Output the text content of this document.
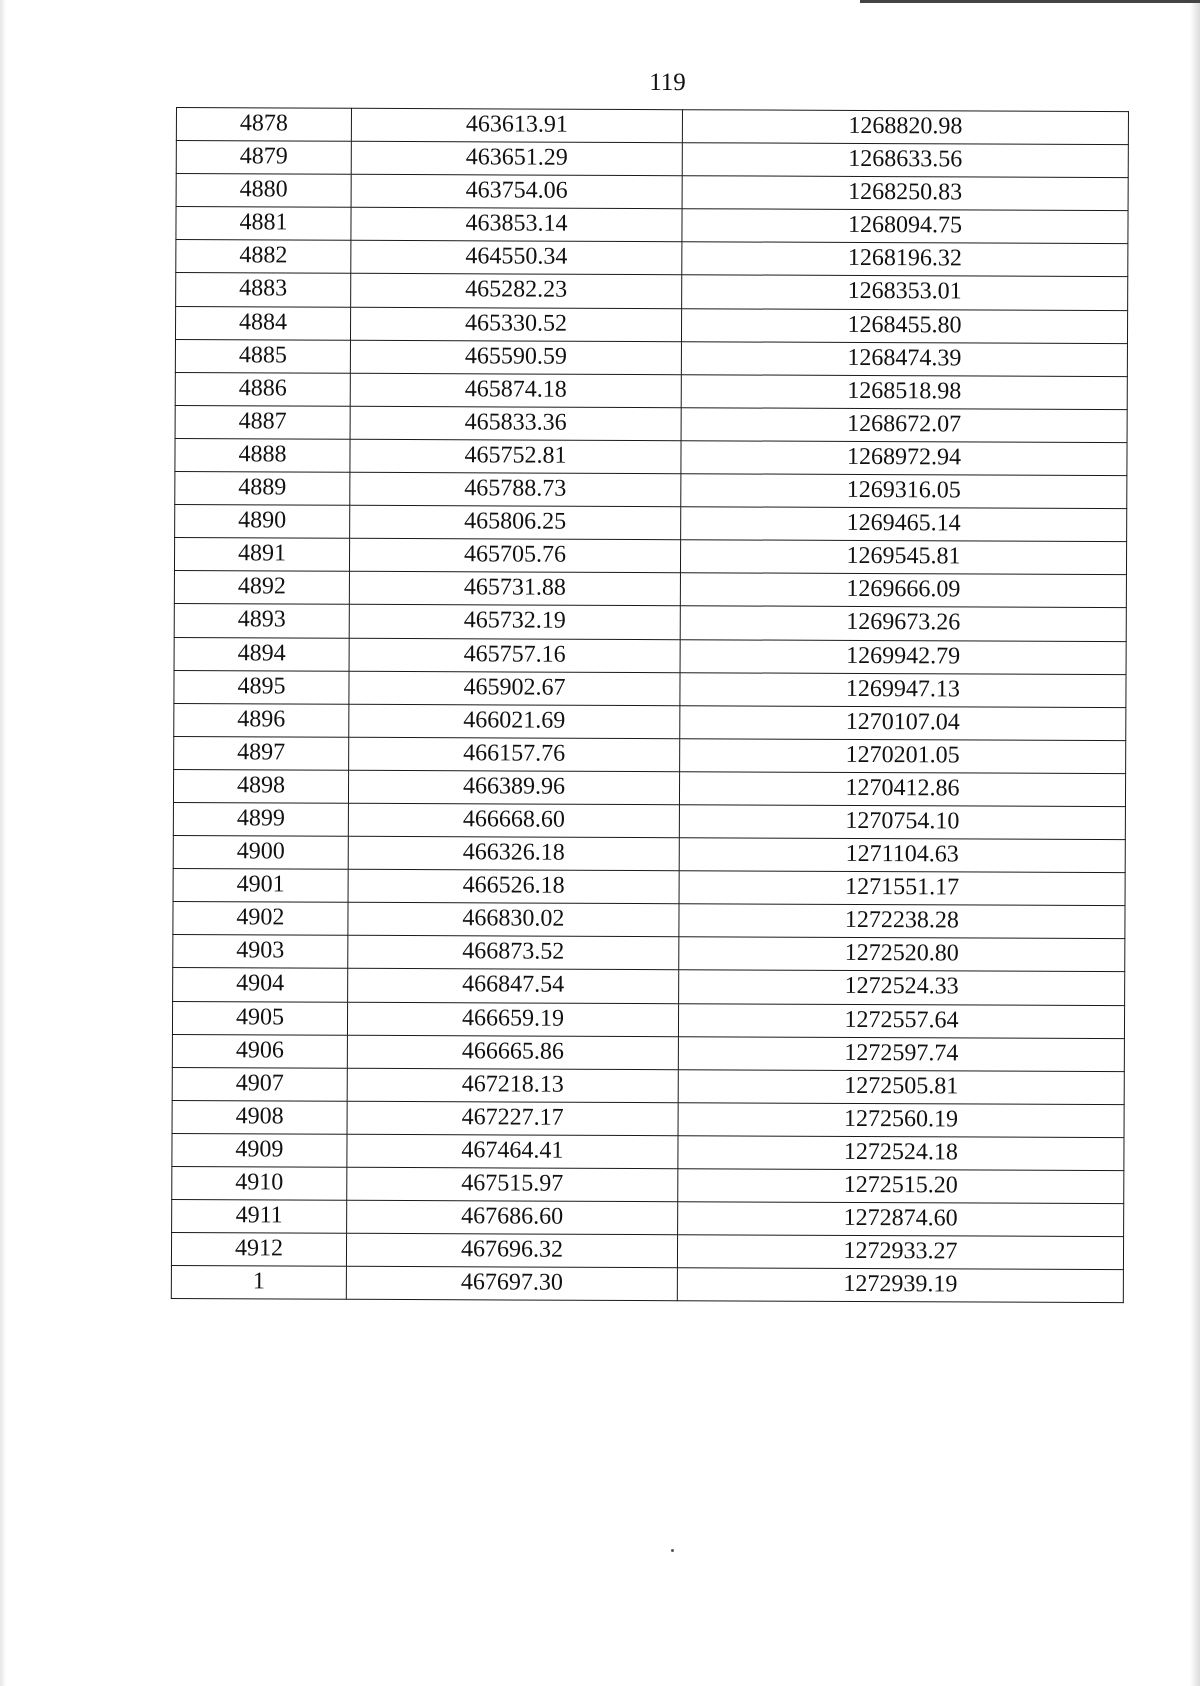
119
4878	463613.91	1268820.98
4879	463651.29	1268633.56
4880	463754.06	1268250.83
4881	463853.14	1268094.75
4882	464550.34	1268196.32
4883	465282.23	1268353.01
4884	465330.52	1268455.80
4885	465590.59	1268474.39
4886	465874.18	1268518.98
4887	465833.36	1268672.07
4888	465752.81	1268972.94
4889	465788.73	1269316.05
4890	465806.25	1269465.14
4891	465705.76	1269545.81
4892	465731.88	1269666.09
4893	465732.19	1269673.26
4894	465757.16	1269942.79
4895	465902.67	1269947.13
4896	466021.69	1270107.04
4897	466157.76	1270201.05
4898	466389.96	1270412.86
4899	466668.60	1270754.10
4900	466326.18	1271104.63
4901	466526.18	1271551.17
4902	466830.02	1272238.28
4903	466873.52	1272520.80
4904	466847.54	1272524.33
4905	466659.19	1272557.64
4906	466665.86	1272597.74
4907	467218.13	1272505.81
4908	467227.17	1272560.19
4909	467464.41	1272524.18
4910	467515.97	1272515.20
4911	467686.60	1272874.60
4912	467696.32	1272933.27
1	467697.30	1272939.19
